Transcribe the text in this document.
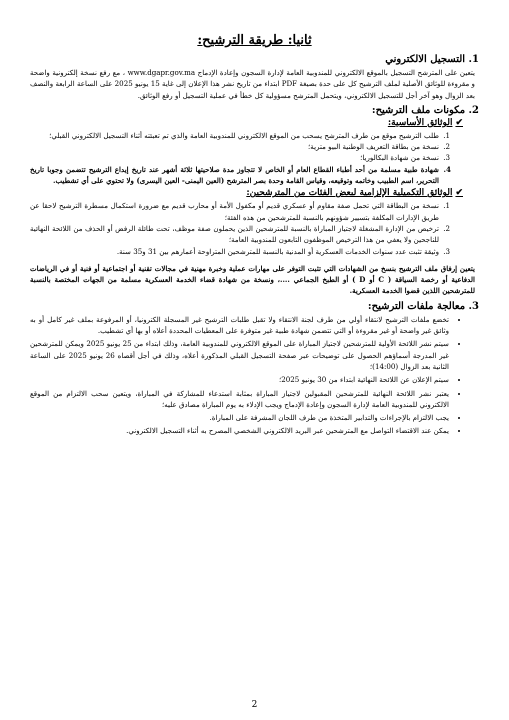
ثانيا: طريقة الترشيح:
1. التسجيل الالكتروني

يتعين على المترشح التسجيل بالموقع الالكتروني للمندوبية العامة لإدارة السجون وإعادة الإدماج www.dgapr.gov.ma ، مع رفع نسخة إلكترونية واضحة و مقروءة للوثائق الأصلية لملف الترشيح كل على حدة بصيغة PDF ابتداء من تاريخ نشر هذا الإعلان إلى غاية 15 يونيو 2025 على الساعة الرابعة والنصف بعد الزوال وهو آخر أجل للتسجيل الالكتروني، ويتحمل المترشح مسؤولية كل خطأ في عملية التسجيل أو رفع الوثائق.

2. مكونات ملف الترشيح:
✔الوثائق الأساسية:
1. طلب الترشيح موقع من طرف المترشح يسحب من الموقع الالكتروني للمندوبية العامة والذي تم تعبئته أثناء التسجيل الالكتروني القبلي؛
2. نسخة من بطاقة التعريف الوطنية البيو مترية؛
3. نسخة من شهادة البكالوريا؛
4. شهادة طبية مسلمة من أحد أطباء القطاع العام أو الخاص لا تتجاوز مدة صلاحيتها ثلاثة أشهر عند تاريخ إيداع الترشيح تتضمن وجوبا تاريخ التحرير، اسم الطبيب وخاتمه وتوقيعه، وقياس القامة وحدة بصر المترشح (العين اليمنى- العين اليسرى) ولا تحتوي على أي تشطيب.
✔الوثائق التكميلية الإلزامية لبعض الفئات من المترشحين:
1. نسخة من البطاقة التي تحمل صفة مقاوم أو عسكري قديم أو مكفول الأمة أو محارب قديم مع ضرورة استكمال مسطرة الترشيح لاحقا عن طريق الإدارات المكلفة بتسيير شؤونهم بالنسبة للمترشحين من هذه الفئة؛
2. ترخيص من الإدارة المشغلة لاجتياز المباراة بالنسبة للمترشحين الذين يحملون صفة موظف، تحت طائلة الرفض أو الحذف من اللائحة النهائية للناجحين ولا يعفي من هذا الترخيص الموظفون التابعون للمندوبية العامة؛
3. وثيقة تثبت عدد سنوات الخدمات العسكرية أو المدنية بالنسبة للمترشحين المتراوحة أعمارهم بين 31 و35 سنة.

يتعين إرفاق ملف الترشيح بنسخ من الشهادات التي تثبت التوفر على مهارات عملية وخبرة مهنية في مجالات تقنية أو اجتماعية أو فنية أو في الرياضات الدفاعية أو رخصة السياقة ( C أو D ) أو الطبخ الجماعي ....، ونسخة من شهادة قضاء الخدمة العسكرية مسلمة من الجهات المختصة بالنسبة للمترشحين اللذين قضوا الخدمة العسكرية.

3. معالجة ملفات الترشيح:
• تخضع ملفات الترشيح لانتقاء أولي من طرف لجنة الانتقاء ولا تقبل طلبات الترشيح غير المسجلة الكترونيا، أو المرفوعة بملف غير كامل أو به وثائق غير واضحة أو غير مقروءة أو التي تتضمن شهادة طبية غير متوفرة على المعطيات المحددة أعلاه أو بها أي تشطيب.
• سيتم نشر اللائحة الأولية للمترشحين لاجتياز المباراة على الموقع الالكتروني للمندوبية العامة، وذلك ابتداء من 25 يونيو 2025 ويمكن للمترشحين غير المدرجة أسماؤهم الحصول على توضيحات عبر صفحة التسجيل القبلي المذكورة أعلاه، وذلك في أجل أقصاه 26 يونيو 2025 على الساعة الثانية بعد الزوال (14:00)؛
• سيتم الإعلان عن اللائحة النهائية ابتداء من 30 يونيو 2025؛
• يعتبر نشر اللائحة النهائية للمترشحين المقبولين لاجتياز المباراة بمثابة استدعاء للمشاركة في المباراة، ويتعين سحب الالتزام من الموقع الالكتروني للمندوبية العامة لإدارة السجون وإعادة الإدماج ويجب الإدلاء به يوم المباراة مصادق عليه؛
• يجب الالتزام بالإجراءات والتدابير المتخذة من طرف اللجان المشرفة على المباراة.
• يمكن عند الاقتضاء التواصل مع المترشحين عبر البريد الالكتروني الشخصي المصرح به أثناء التسجيل الالكتروني.
2
